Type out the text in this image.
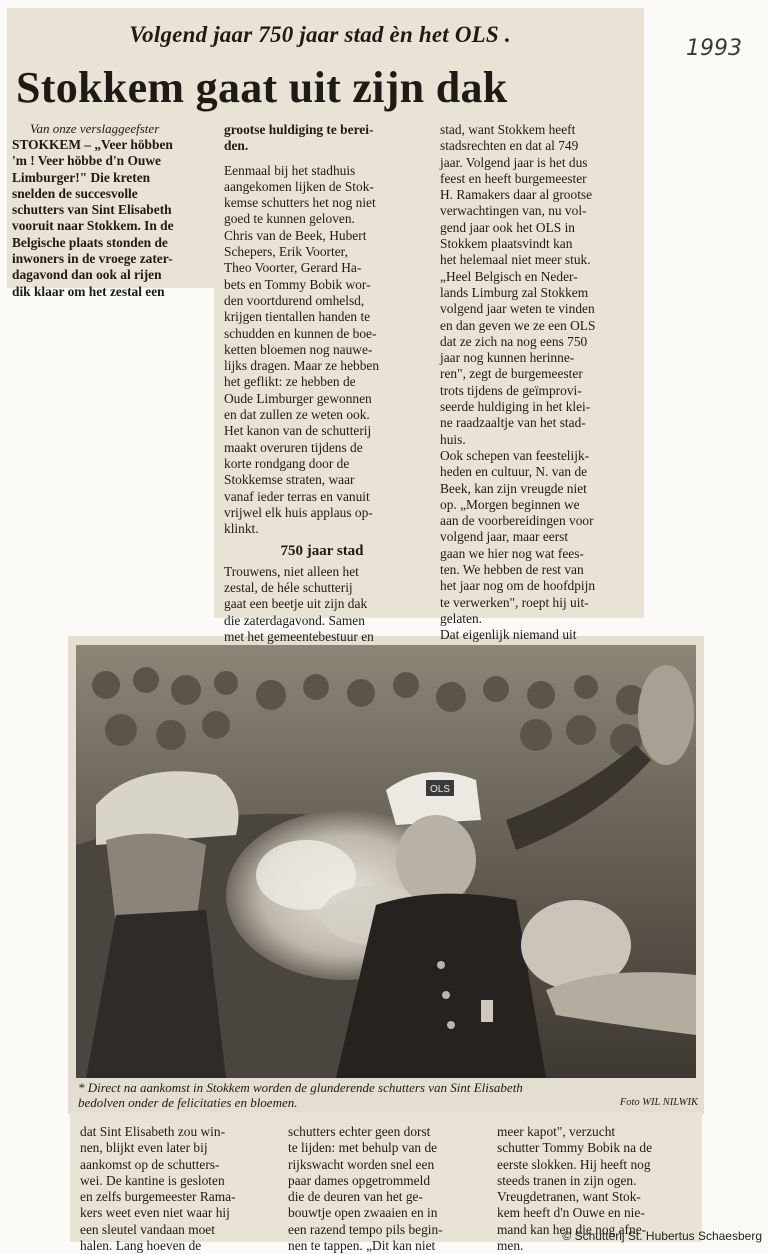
Volgend jaar 750 jaar stad èn het OLS .
1993
Stokkem gaat uit zijn dak
Van onze verslaggeefster
STOKKEM – „Veer höbben
'm ! Veer höbbe d'n Ouwe
Limburger!" Die kreten
snelden de succesvolle
schutters van Sint Elisabeth
vooruit naar Stokkem. In de
Belgische plaats stonden de
inwoners in de vroege zater-
dagavond dan ook al rijen
dik klaar om het zestal een
grootse huldiging te berei-
den.
Eenmaal bij het stadhuis
aangekomen lijken de Stok-
kemse schutters het nog niet
goed te kunnen geloven.
Chris van de Beek, Hubert
Schepers, Erik Voorter,
Theo Voorter, Gerard Ha-
bets en Tommy Bobik wor-
den voortdurend omhelsd,
krijgen tientallen handen te
schudden en kunnen de boe-
ketten bloemen nog nauwe-
lijks dragen. Maar ze hebben
het geflikt: ze hebben de
Oude Limburger gewonnen
en dat zullen ze weten ook.
Het kanon van de schutterij
maakt overuren tijdens de
korte rondgang door de
Stokkemse straten, waar
vanaf ieder terras en vanuit
vrijwel elk huis applaus op-
klinkt.
750 jaar stad
Trouwens, niet alleen het
zestal, de héle schutterij
gaat een beetje uit zijn dak
die zaterdagavond. Samen
met het gemeentebestuur en
stad, want Stokkem heeft
stadsrechten en dat al 749
jaar. Volgend jaar is het dus
feest en heeft burgemeester
H. Ramakers daar al grootse
verwachtingen van, nu vol-
gend jaar ook het OLS in
Stokkem plaatsvindt kan
het helemaal niet meer stuk.
„Heel Belgisch en Neder-
lands Limburg zal Stokkem
volgend jaar weten te vinden
en dan geven we ze een OLS
dat ze zich na nog eens 750
jaar nog kunnen herinne-
ren", zegt de burgemeester
trots tijdens de geïmprovi-
seerde huldiging in het klei-
ne raadzaaltje van het stad-
huis.
Ook schepen van feestelijk-
heden en cultuur, N. van de
Beek, kan zijn vreugde niet
op. „Morgen beginnen we
aan de voorbereidingen voor
volgend jaar, maar eerst
gaan we hier nog wat fees-
ten. We hebben de rest van
het jaar nog om de hoofdpijn
te verwerken", roept hij uit-
gelaten.
Dat eigenlijk niemand uit
OLS
* Direct na aankomst in Stokkem worden de glunderende schutters van Sint Elisabeth
bedolven onder de felicitaties en bloemen.	Foto WIL NILWIK
dat Sint Elisabeth zou win-
nen, blijkt even later bij
aankomst op de schutters-
wei. De kantine is gesloten
en zelfs burgemeester Rama-
kers weet even niet waar hij
een sleutel vandaan moet
halen. Lang hoeven de
schutters echter geen dorst
te lijden: met behulp van de
rijkswacht worden snel een
paar dames opgetrommeld
die de deuren van het ge-
bouwtje open zwaaien en in
een razend tempo pils begin-
nen te tappen. „Dit kan niet
meer kapot", verzucht
schutter Tommy Bobik na de
eerste slokken. Hij heeft nog
steeds tranen in zijn ogen.
Vreugdetranen, want Stok-
kem heeft d'n Ouwe en nie-
mand kan hen die nog afne-
men.
© Schutterij St. Hubertus Schaesberg
